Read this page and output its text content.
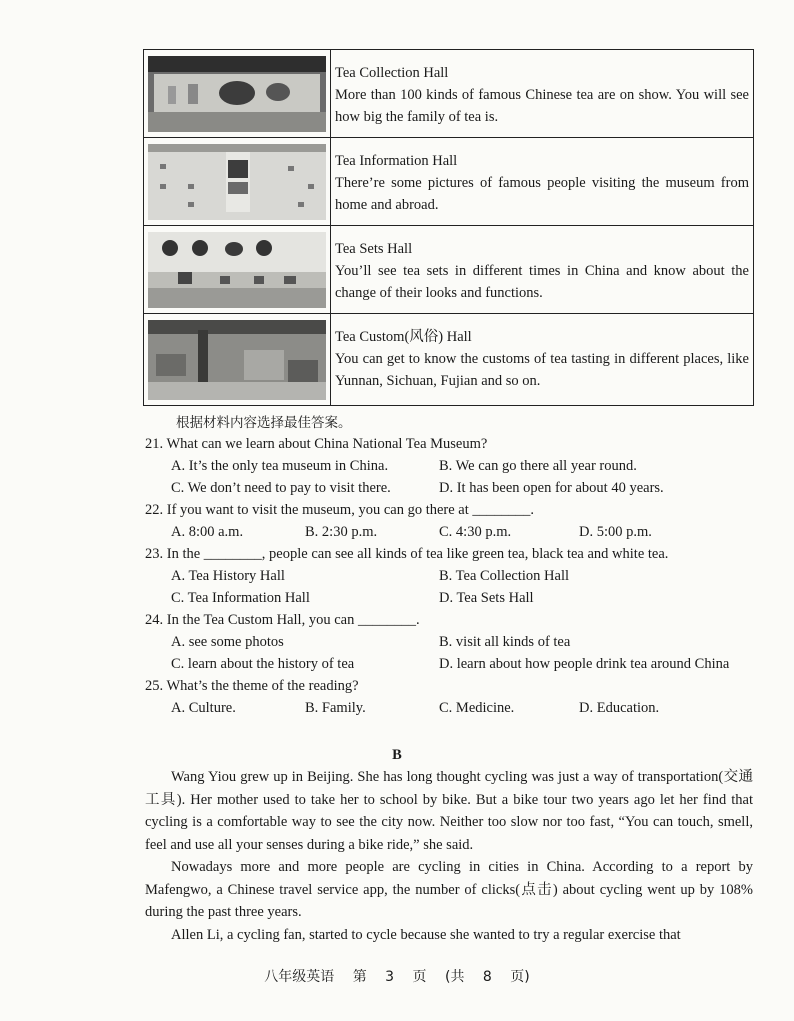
Tea Collection Hall
More than 100 kinds of famous Chinese tea are on show. You will see how big the family of tea is.
Tea Information Hall
There’re some pictures of famous people visiting the museum from home and abroad.
Tea Sets Hall
You’ll see tea sets in different times in China and know about the change of their looks and functions.
Tea Custom(风俗) Hall
You can get to know the customs of tea tasting in different places, like Yunnan, Sichuan, Fujian and so on.
根据材料内容选择最佳答案。
21. What can we learn about China National Tea Museum?
A. It’s the only tea museum in China.	B. We can go there all year round.
C. We don’t need to pay to visit there.	D. It has been open for about 40 years.
22. If you want to visit the museum, you can go there at ________.
A. 8:00 a.m.	B. 2:30 p.m.	C. 4:30 p.m.	D. 5:00 p.m.
23. In the ________, people can see all kinds of tea like green tea, black tea and white tea.
A. Tea History Hall	B. Tea Collection Hall
C. Tea Information Hall	D. Tea Sets Hall
24. In the Tea Custom Hall, you can ________.
A. see some photos	B. visit all kinds of tea
C. learn about the history of tea	D. learn about how people drink tea around China
25. What’s the theme of the reading?
A. Culture.	B. Family.	C. Medicine.	D. Education.
B

Wang Yiou grew up in Beijing. She has long thought cycling was just a way of transportation(交通工具). Her mother used to take her to school by bike. But a bike tour two years ago let her find that cycling is a comfortable way to see the city now. Neither too slow nor too fast, “You can touch, smell, feel and use all your senses during a bike ride,” she said.

Nowadays more and more people are cycling in cities in China. According to a report by Mafengwo, a Chinese travel service app, the number of clicks(点击) about cycling went up by 108% during the past three years.

Allen Li, a cycling fan, started to cycle because she wanted to try a regular exercise that

八年级英语 第 3 页 (共 8 页)
